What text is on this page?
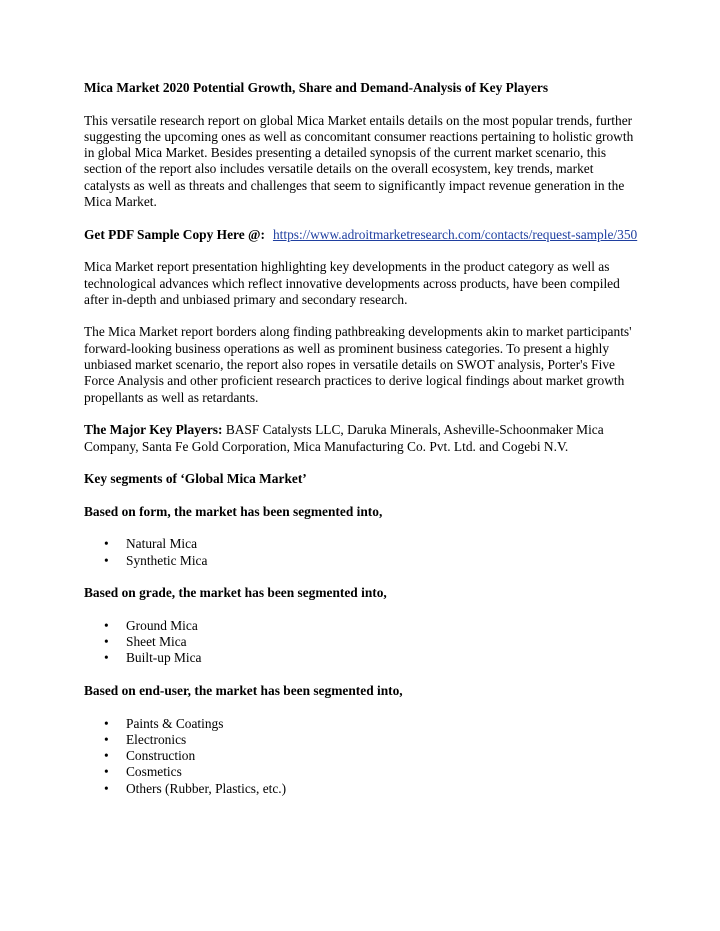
Mica Market 2020 Potential Growth, Share and Demand-Analysis of Key Players

This versatile research report on global Mica Market entails details on the most popular trends, further suggesting the upcoming ones as well as concomitant consumer reactions pertaining to holistic growth in global Mica Market. Besides presenting a detailed synopsis of the current market scenario, this section of the report also includes versatile details on the overall ecosystem, key trends, market catalysts as well as threats and challenges that seem to significantly impact revenue generation in the Mica Market.

Get PDF Sample Copy Here @: https://www.adroitmarketresearch.com/contacts/request-sample/350

Mica Market report presentation highlighting key developments in the product category as well as technological advances which reflect innovative developments across products, have been compiled after in-depth and unbiased primary and secondary research.

The Mica Market report borders along finding pathbreaking developments akin to market participants' forward-looking business operations as well as prominent business categories. To present a highly unbiased market scenario, the report also ropes in versatile details on SWOT analysis, Porter's Five Force Analysis and other proficient research practices to derive logical findings about market growth propellants as well as retardants.

The Major Key Players: BASF Catalysts LLC, Daruka Minerals, Asheville-Schoonmaker Mica Company, Santa Fe Gold Corporation, Mica Manufacturing Co. Pvt. Ltd. and Cogebi N.V.

Key segments of ‘Global Mica Market’

Based on form, the market has been segmented into,

• Natural Mica
• Synthetic Mica

Based on grade, the market has been segmented into,

• Ground Mica
• Sheet Mica
• Built-up Mica

Based on end-user, the market has been segmented into,

• Paints & Coatings
• Electronics
• Construction
• Cosmetics
• Others (Rubber, Plastics, etc.)
